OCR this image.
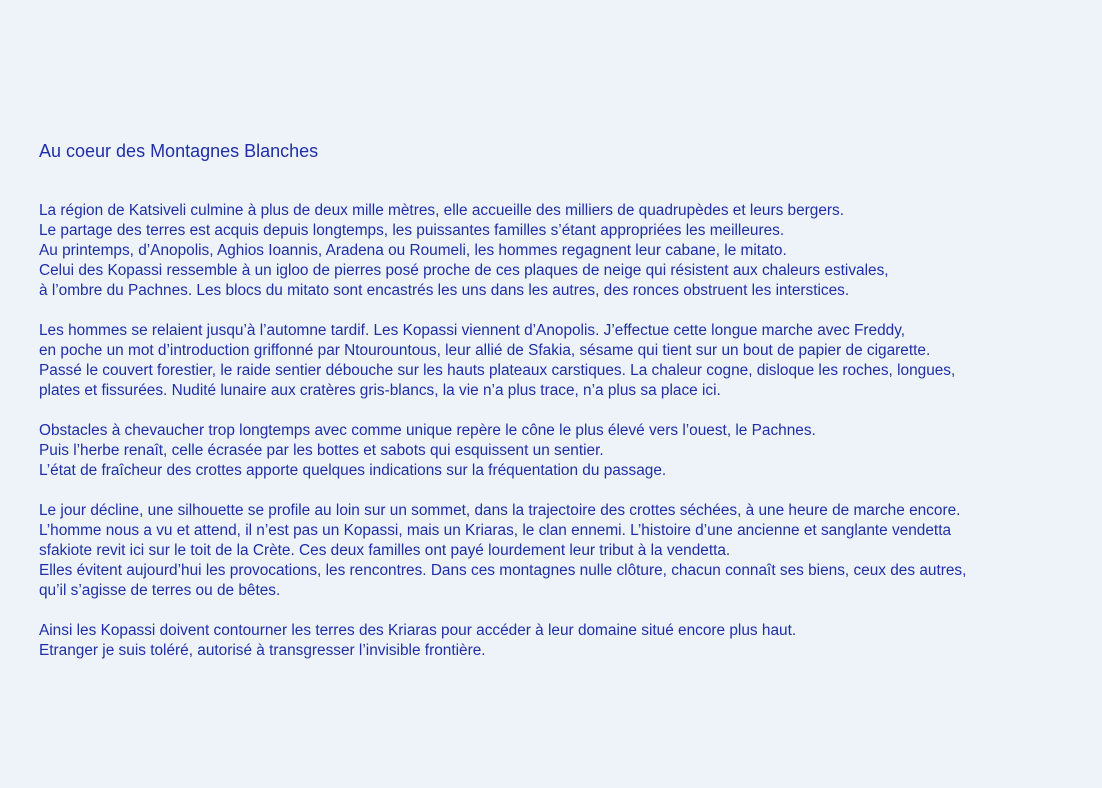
Au coeur des Montagnes Blanches

La région de Katsiveli culmine à plus de deux mille mètres, elle accueille des milliers de quadrupèdes et leurs bergers.
Le partage des terres est acquis depuis longtemps, les puissantes familles s’étant appropriées les meilleures.
Au printemps, d’Anopolis, Aghios Ioannis, Aradena ou Roumeli, les hommes regagnent leur cabane, le mitato.
Celui des Kopassi ressemble à un igloo de pierres posé proche de ces plaques de neige qui résistent aux chaleurs estivales,
à l’ombre du Pachnes. Les blocs du mitato sont encastrés les uns dans les autres, des ronces obstruent les interstices.

Les hommes se relaient jusqu’à l’automne tardif. Les Kopassi viennent d’Anopolis. J’effectue cette longue marche avec Freddy,
en poche un mot d’introduction griffonné par Ntourountous, leur allié de Sfakia, sésame qui tient sur un bout de papier de cigarette.
Passé le couvert forestier, le raide sentier débouche sur les hauts plateaux carstiques. La chaleur cogne, disloque les roches, longues,
plates et fissurées. Nudité lunaire aux cratères gris-blancs, la vie n’a plus trace, n’a plus sa place ici.

Obstacles à chevaucher trop longtemps avec comme unique repère le cône le plus élevé vers l’ouest, le Pachnes.
Puis l’herbe renaît, celle écrasée par les bottes et sabots qui esquissent un sentier.
L’état de fraîcheur des crottes apporte quelques indications sur la fréquentation du passage.

Le jour décline, une silhouette se profile au loin sur un sommet, dans la trajectoire des crottes séchées, à une heure de marche encore.
L’homme nous a vu et attend, il n’est pas un Kopassi, mais un Kriaras, le clan ennemi. L’histoire d’une ancienne et sanglante vendetta
sfakiote revit ici sur le toit de la Crète. Ces deux familles ont payé lourdement leur tribut à la vendetta.
Elles évitent aujourd’hui les provocations, les rencontres. Dans ces montagnes nulle clôture, chacun connaît ses biens, ceux des autres,
qu’il s’agisse de terres ou de bêtes.

Ainsi les Kopassi doivent contourner les terres des Kriaras pour accéder à leur domaine situé encore plus haut.
Etranger je suis toléré, autorisé à transgresser l’invisible frontière.
